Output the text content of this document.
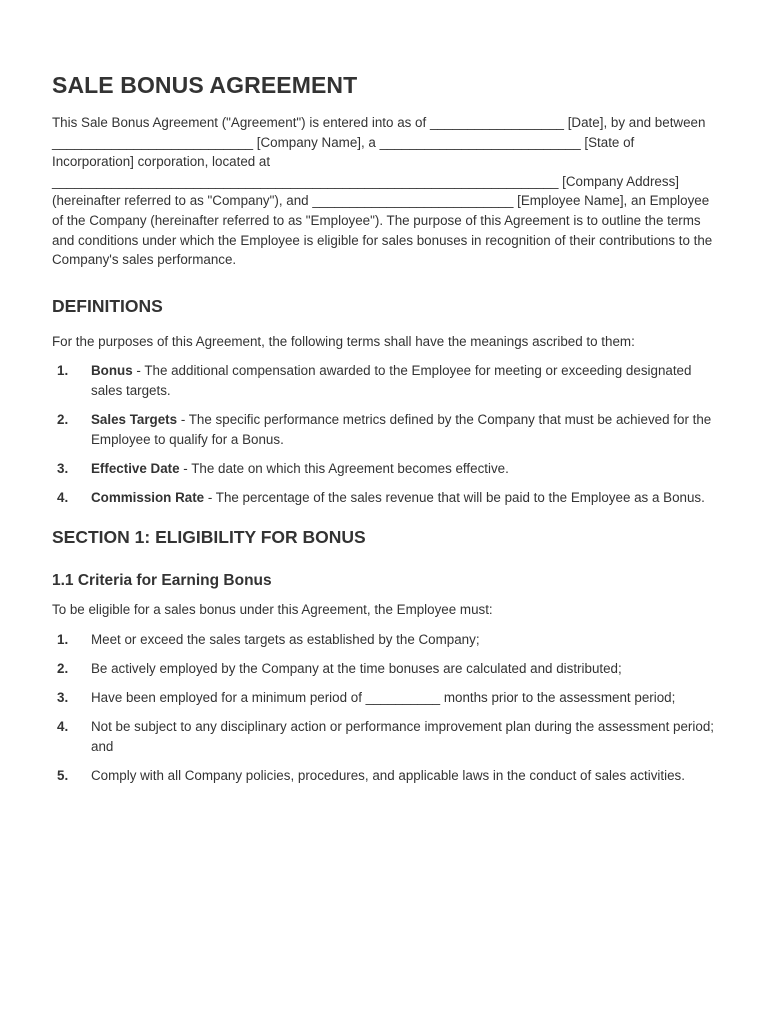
SALE BONUS AGREEMENT

This Sale Bonus Agreement ("Agreement") is entered into as of __________________ [Date], by and between ___________________________ [Company Name], a ___________________________ [State of Incorporation] corporation, located at ____________________________________________________________________ [Company Address] (hereinafter referred to as "Company"), and ___________________________ [Employee Name], an Employee of the Company (hereinafter referred to as "Employee"). The purpose of this Agreement is to outline the terms and conditions under which the Employee is eligible for sales bonuses in recognition of their contributions to the Company's sales performance.

DEFINITIONS

For the purposes of this Agreement, the following terms shall have the meanings ascribed to them:

1. Bonus - The additional compensation awarded to the Employee for meeting or exceeding designated sales targets.
2. Sales Targets - The specific performance metrics defined by the Company that must be achieved for the Employee to qualify for a Bonus.
3. Effective Date - The date on which this Agreement becomes effective.
4. Commission Rate - The percentage of the sales revenue that will be paid to the Employee as a Bonus.
SECTION 1: ELIGIBILITY FOR BONUS
1.1 Criteria for Earning Bonus

To be eligible for a sales bonus under this Agreement, the Employee must:

1. Meet or exceed the sales targets as established by the Company;
2. Be actively employed by the Company at the time bonuses are calculated and distributed;
3. Have been employed for a minimum period of __________ months prior to the assessment period;
4. Not be subject to any disciplinary action or performance improvement plan during the assessment period; and
5. Comply with all Company policies, procedures, and applicable laws in the conduct of sales activities.
